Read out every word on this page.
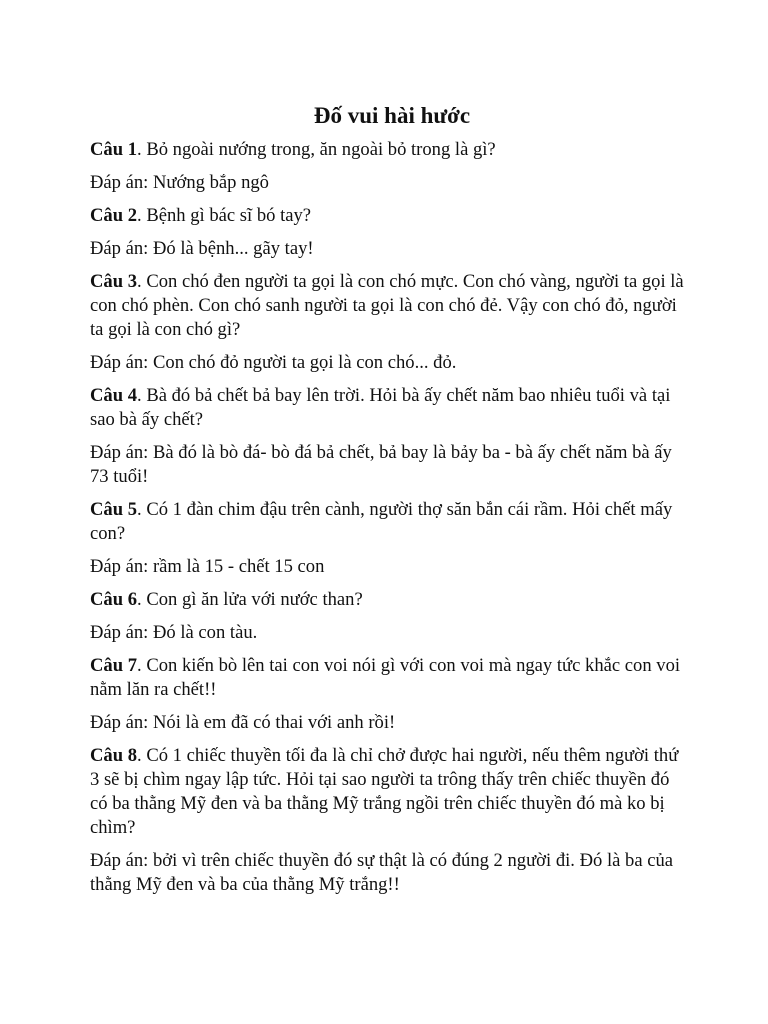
Đố vui hài hước

Câu 1. Bỏ ngoài nướng trong, ăn ngoài bỏ trong là gì?

Đáp án: Nướng bắp ngô

Câu 2. Bệnh gì bác sĩ bó tay?

Đáp án: Đó là bệnh... gãy tay!

Câu 3. Con chó đen người ta gọi là con chó mực. Con chó vàng, người ta gọi là con chó phèn. Con chó sanh người ta gọi là con chó đẻ. Vậy con chó đỏ, người ta gọi là con chó gì?

Đáp án: Con chó đỏ người ta gọi là con chó... đỏ.

Câu 4. Bà đó bả chết bả bay lên trời. Hỏi bà ấy chết năm bao nhiêu tuổi và tại sao bà ấy chết?

Đáp án: Bà đó là bò đá- bò đá bả chết, bả bay là bảy ba - bà ấy chết năm bà ấy 73 tuổi!

Câu 5. Có 1 đàn chim đậu trên cành, người thợ săn bắn cái rầm. Hỏi chết mấy con?

Đáp án: rầm là 15 - chết 15 con

Câu 6. Con gì ăn lửa với nước than?

Đáp án: Đó là con tàu.

Câu 7. Con kiến bò lên tai con voi nói gì với con voi mà ngay tức khắc con voi nằm lăn ra chết!!

Đáp án: Nói là em đã có thai với anh rồi!

Câu 8. Có 1 chiếc thuyền tối đa là chỉ chở được hai người, nếu thêm người thứ 3 sẽ bị chìm ngay lập tức. Hỏi tại sao người ta trông thấy trên chiếc thuyền đó có ba thằng Mỹ đen và ba thằng Mỹ trắng ngồi trên chiếc thuyền đó mà ko bị chìm?

Đáp án: bởi vì trên chiếc thuyền đó sự thật là có đúng 2 người đi. Đó là ba của thằng Mỹ đen và ba của thằng Mỹ trắng!!
